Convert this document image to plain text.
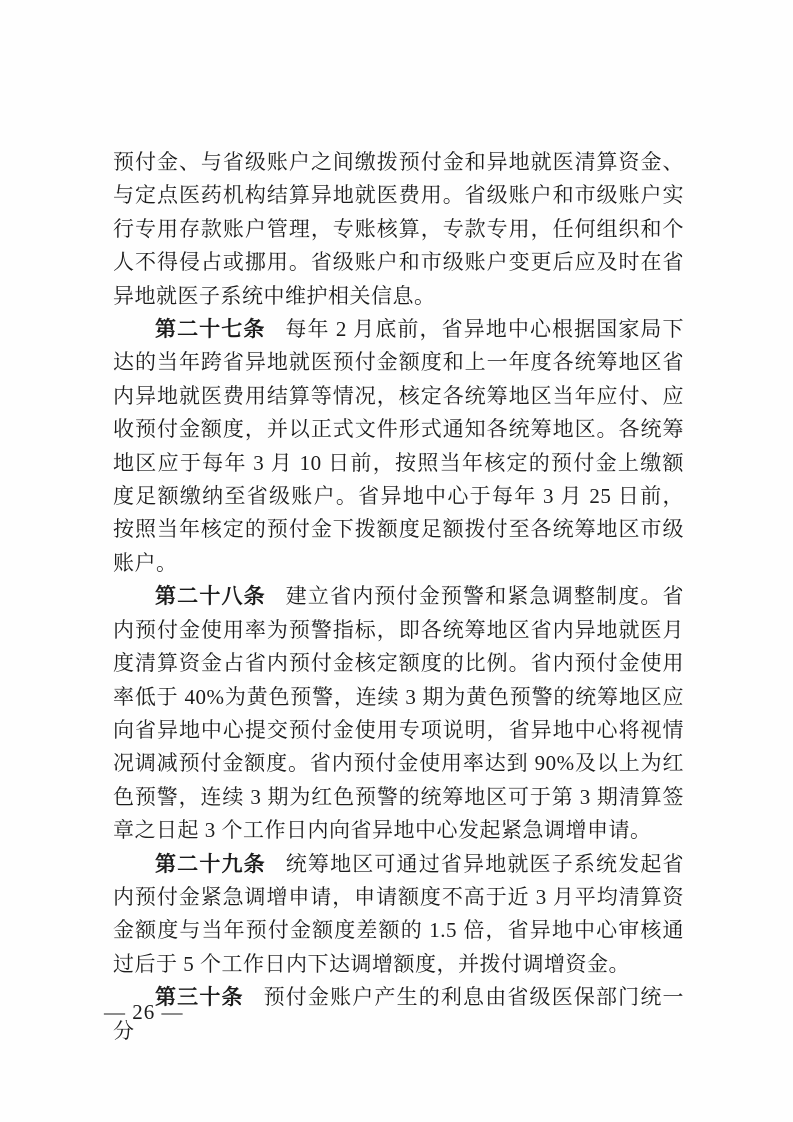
预付金、与省级账户之间缴拨预付金和异地就医清算资金、与定点医药机构结算异地就医费用。省级账户和市级账户实行专用存款账户管理，专账核算，专款专用，任何组织和个人不得侵占或挪用。省级账户和市级账户变更后应及时在省异地就医子系统中维护相关信息。

第二十七条 每年 2 月底前，省异地中心根据国家局下达的当年跨省异地就医预付金额度和上一年度各统筹地区省内异地就医费用结算等情况，核定各统筹地区当年应付、应收预付金额度，并以正式文件形式通知各统筹地区。各统筹地区应于每年 3 月 10 日前，按照当年核定的预付金上缴额度足额缴纳至省级账户。省异地中心于每年 3 月 25 日前，按照当年核定的预付金下拨额度足额拨付至各统筹地区市级账户。

第二十八条 建立省内预付金预警和紧急调整制度。省内预付金使用率为预警指标，即各统筹地区省内异地就医月度清算资金占省内预付金核定额度的比例。省内预付金使用率低于 40%为黄色预警，连续 3 期为黄色预警的统筹地区应向省异地中心提交预付金使用专项说明，省异地中心将视情况调减预付金额度。省内预付金使用率达到 90%及以上为红色预警，连续 3 期为红色预警的统筹地区可于第 3 期清算签章之日起 3 个工作日内向省异地中心发起紧急调增申请。

第二十九条 统筹地区可通过省异地就医子系统发起省内预付金紧急调增申请，申请额度不高于近 3 月平均清算资金额度与当年预付金额度差额的 1.5 倍，省异地中心审核通过后于 5 个工作日内下达调增额度，并拨付调增资金。

第三十条 预付金账户产生的利息由省级医保部门统一分

— 26 —
